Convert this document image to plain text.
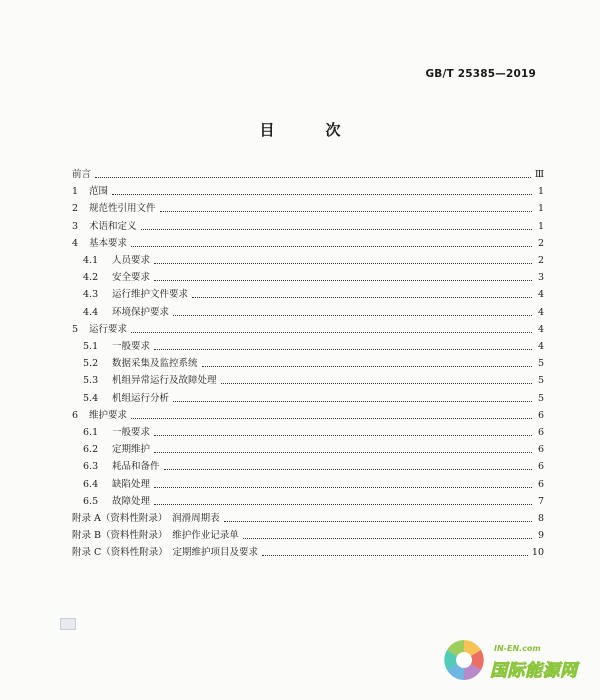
GB/T 25385—2019
目　次
前言	Ⅲ
1	范围	1
2	规范性引用文件	1
3	术语和定义	1
4	基本要求	2
4.1	人员要求	2
4.2	安全要求	3
4.3	运行维护文件要求	4
4.4	环境保护要求	4
5	运行要求	4
5.1	一般要求	4
5.2	数据采集及监控系统	5
5.3	机组异常运行及故障处理	5
5.4	机组运行分析	5
6	维护要求	6
6.1	一般要求	6
6.2	定期维护	6
6.3	耗品和备件	6
6.4	缺陷处理	6
6.5	故障处理	7
附录 A（资料性附录）　润滑周期表	8
附录 B（资料性附录）　维护作业记录单	9
附录 C（资料性附录）　定期维护项目及要求	10
IN-EN.com
国际能源网
